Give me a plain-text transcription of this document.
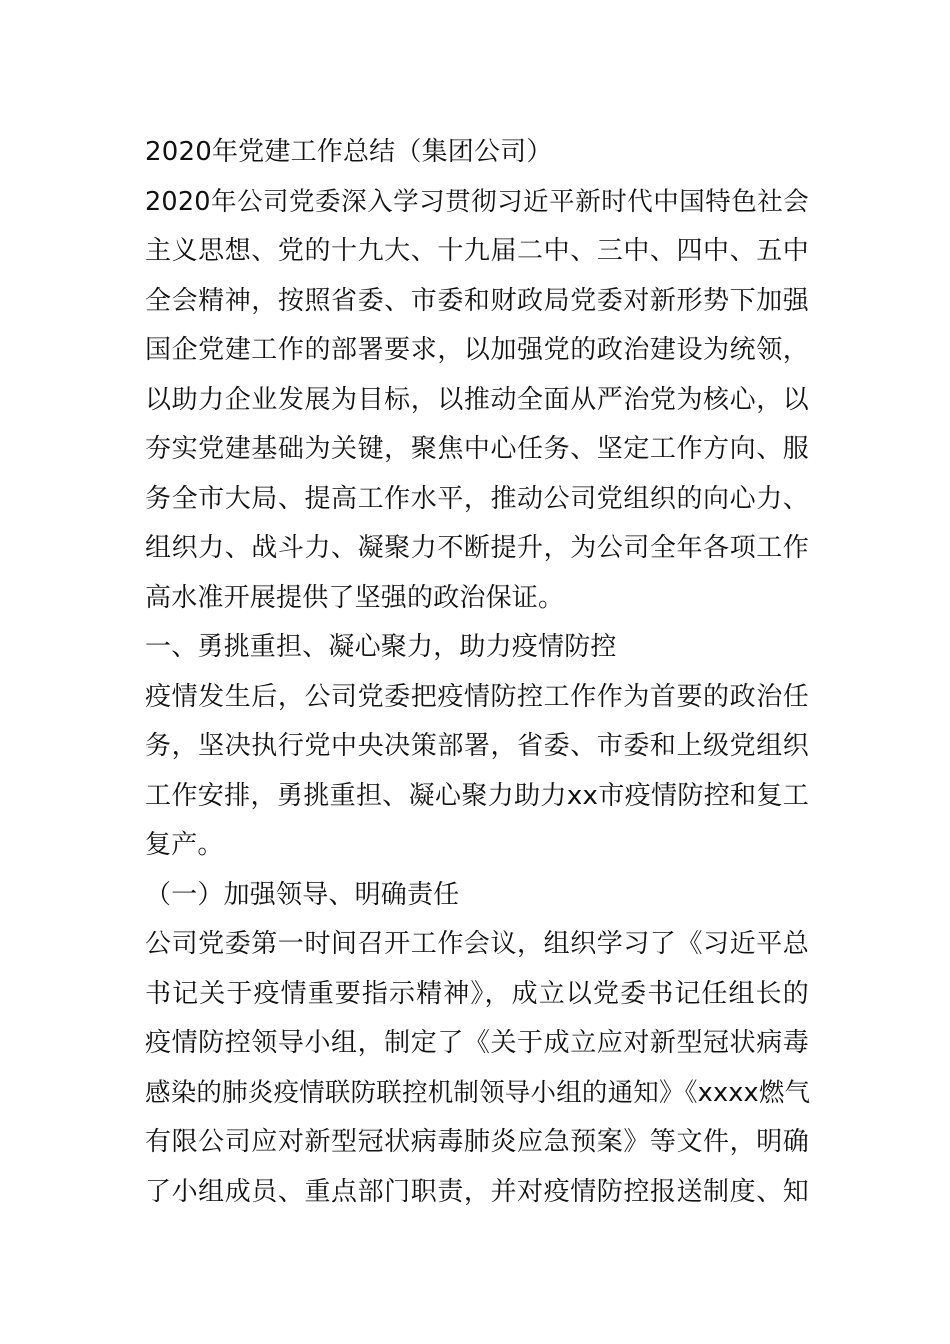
2020年党建工作总结（集团公司）
2020年公司党委深入学习贯彻习近平新时代中国特色社会
主义思想、党的十九大、十九届二中、三中、四中、五中
全会精神，按照省委、市委和财政局党委对新形势下加强
国企党建工作的部署要求，以加强党的政治建设为统领，
以助力企业发展为目标，以推动全面从严治党为核心，以
夯实党建基础为关键，聚焦中心任务、坚定工作方向、服
务全市大局、提高工作水平，推动公司党组织的向心力、
组织力、战斗力、凝聚力不断提升，为公司全年各项工作
高水准开展提供了坚强的政治保证。
一、勇挑重担、凝心聚力，助力疫情防控
疫情发生后，公司党委把疫情防控工作作为首要的政治任
务，坚决执行党中央决策部署，省委、市委和上级党组织
工作安排，勇挑重担、凝心聚力助力xx市疫情防控和复工
复产。
（一）加强领导、明确责任
公司党委第一时间召开工作会议，组织学习了《习近平总
书记关于疫情重要指示精神》，成立以党委书记任组长的
疫情防控领导小组，制定了《关于成立应对新型冠状病毒
感染的肺炎疫情联防联控机制领导小组的通知》《xxxx燃气
有限公司应对新型冠状病毒肺炎应急预案》等文件，明确
了小组成员、重点部门职责，并对疫情防控报送制度、知
